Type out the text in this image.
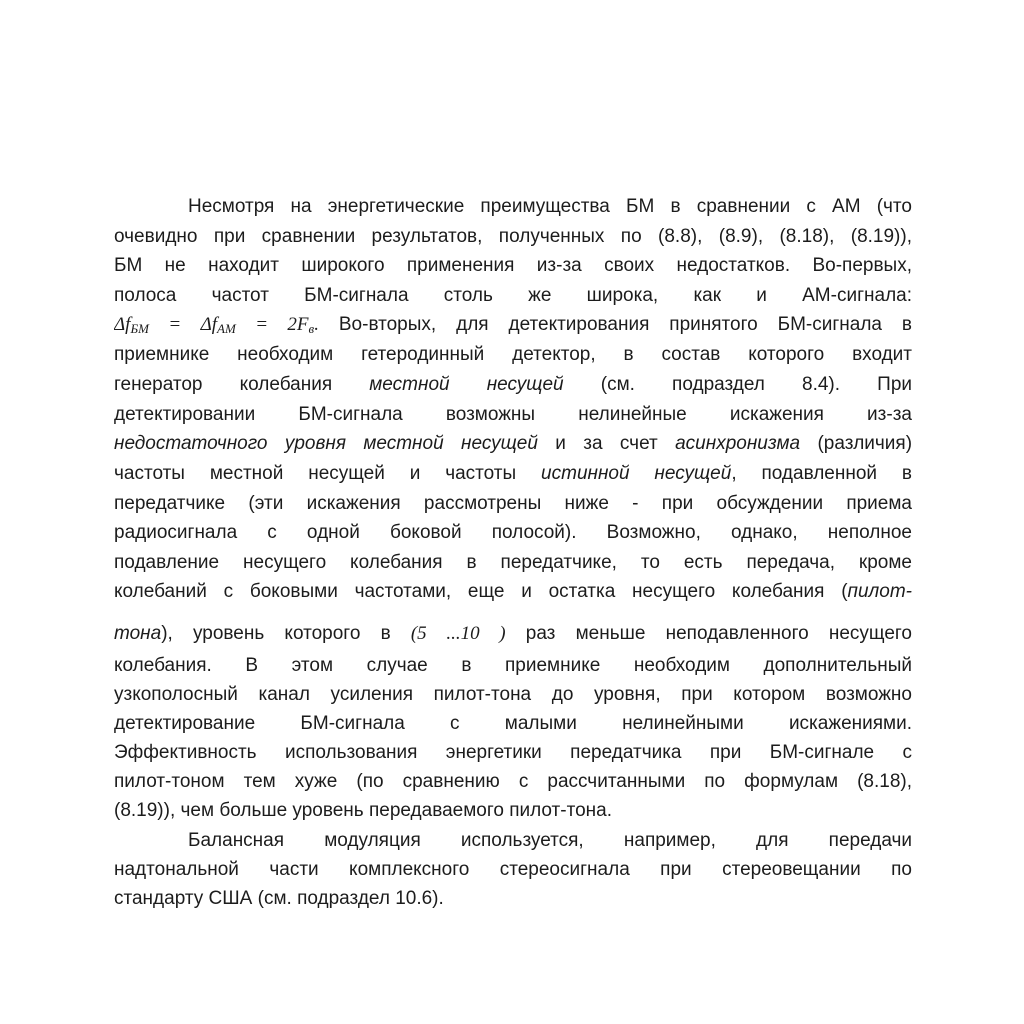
Несмотря на энергетические преимущества БМ в сравнении с АМ (что
очевидно при сравнении результатов, полученных по (8.8), (8.9), (8.18), (8.19)),
БМ не находит широкого применения из-за своих недостатков. Во-первых,
полоса частот БМ-сигнала столь же широка, как и АМ-сигнала:
$\Delta f_{БМ} = \Delta f_{АМ} = 2F_в$. Во-вторых, для детектирования принятого БМ-сигнала в
приемнике необходим гетеродинный детектор, в состав которого входит
генератор колебания местной несущей (см. подраздел 8.4). При
детектировании БМ-сигнала возможны нелинейные искажения из-за
недостаточного уровня местной несущей и за счет асинхронизма (различия)
частоты местной несущей и частоты истинной несущей, подавленной в
передатчике (эти искажения рассмотрены ниже - при обсуждении приема
радиосигнала с одной боковой полосой). Возможно, однако, неполное
подавление несущего колебания в передатчике, то есть передача, кроме
колебаний с боковыми частотами, еще и остатка несущего колебания (пилот-
тона), уровень которого в (5 ...10 ) раз меньше неподавленного несущего
колебания. В этом случае в приемнике необходим дополнительный
узкополосный канал усиления пилот-тона до уровня, при котором возможно
детектирование БМ-сигнала с малыми нелинейными искажениями.
Эффективность использования энергетики передатчика при БМ-сигнале с
пилот-тоном тем хуже (по сравнению с рассчитанными по формулам (8.18),
(8.19)), чем больше уровень передаваемого пилот-тона.
Балансная модуляция используется, например, для передачи
надтональной части комплексного стереосигнала при стереовещании по
стандарту США (см. подраздел 10.6).
